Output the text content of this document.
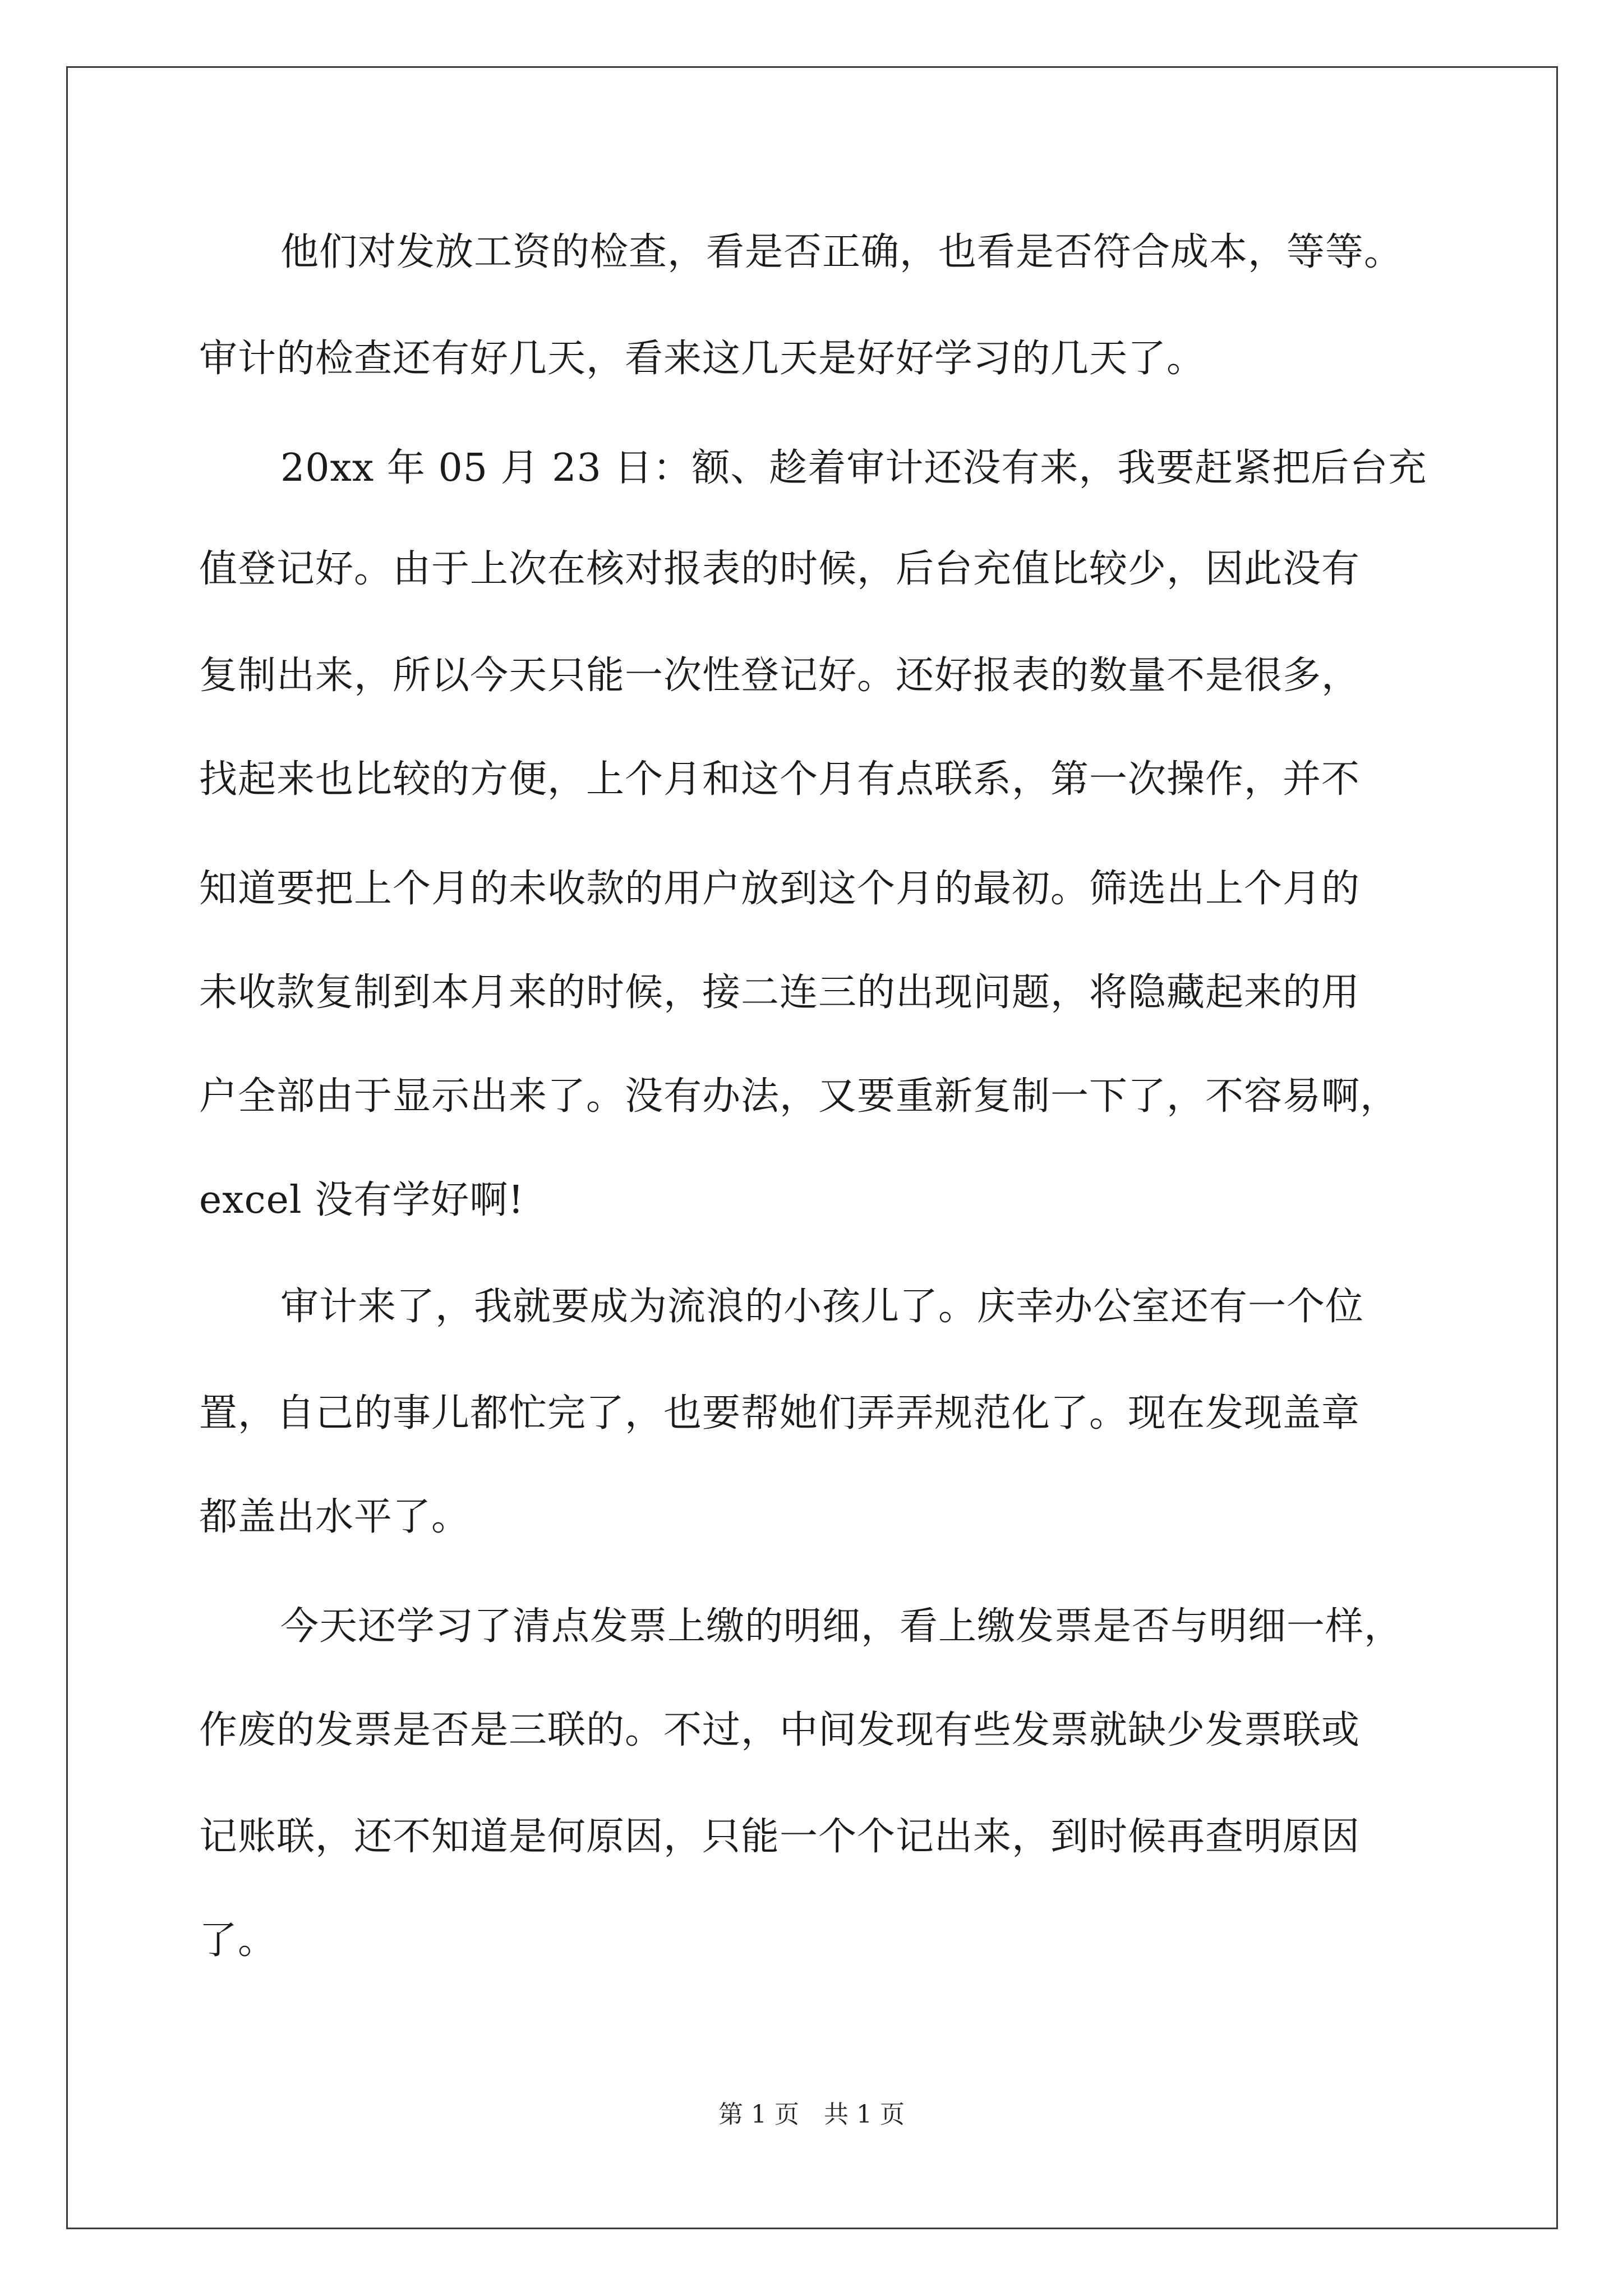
他们对发放工资的检查，看是否正确，也看是否符合成本，等等。
审计的检查还有好几天，看来这几天是好好学习的几天了。
20xx 年 05 月 23 日：额、趁着审计还没有来，我要赶紧把后台充
值登记好。由于上次在核对报表的时候，后台充值比较少，因此没有
复制出来，所以今天只能一次性登记好。还好报表的数量不是很多，
找起来也比较的方便，上个月和这个月有点联系，第一次操作，并不
知道要把上个月的未收款的用户放到这个月的最初。筛选出上个月的
未收款复制到本月来的时候，接二连三的出现问题，将隐藏起来的用
户全部由于显示出来了。没有办法，又要重新复制一下了，不容易啊，
excel 没有学好啊!
审计来了，我就要成为流浪的小孩儿了。庆幸办公室还有一个位
置，自己的事儿都忙完了，也要帮她们弄弄规范化了。现在发现盖章
都盖出水平了。
今天还学习了清点发票上缴的明细，看上缴发票是否与明细一样，
作废的发票是否是三联的。不过，中间发现有些发票就缺少发票联或
记账联，还不知道是何原因，只能一个个记出来，到时候再查明原因
了。
第 1 页　共 1 页
